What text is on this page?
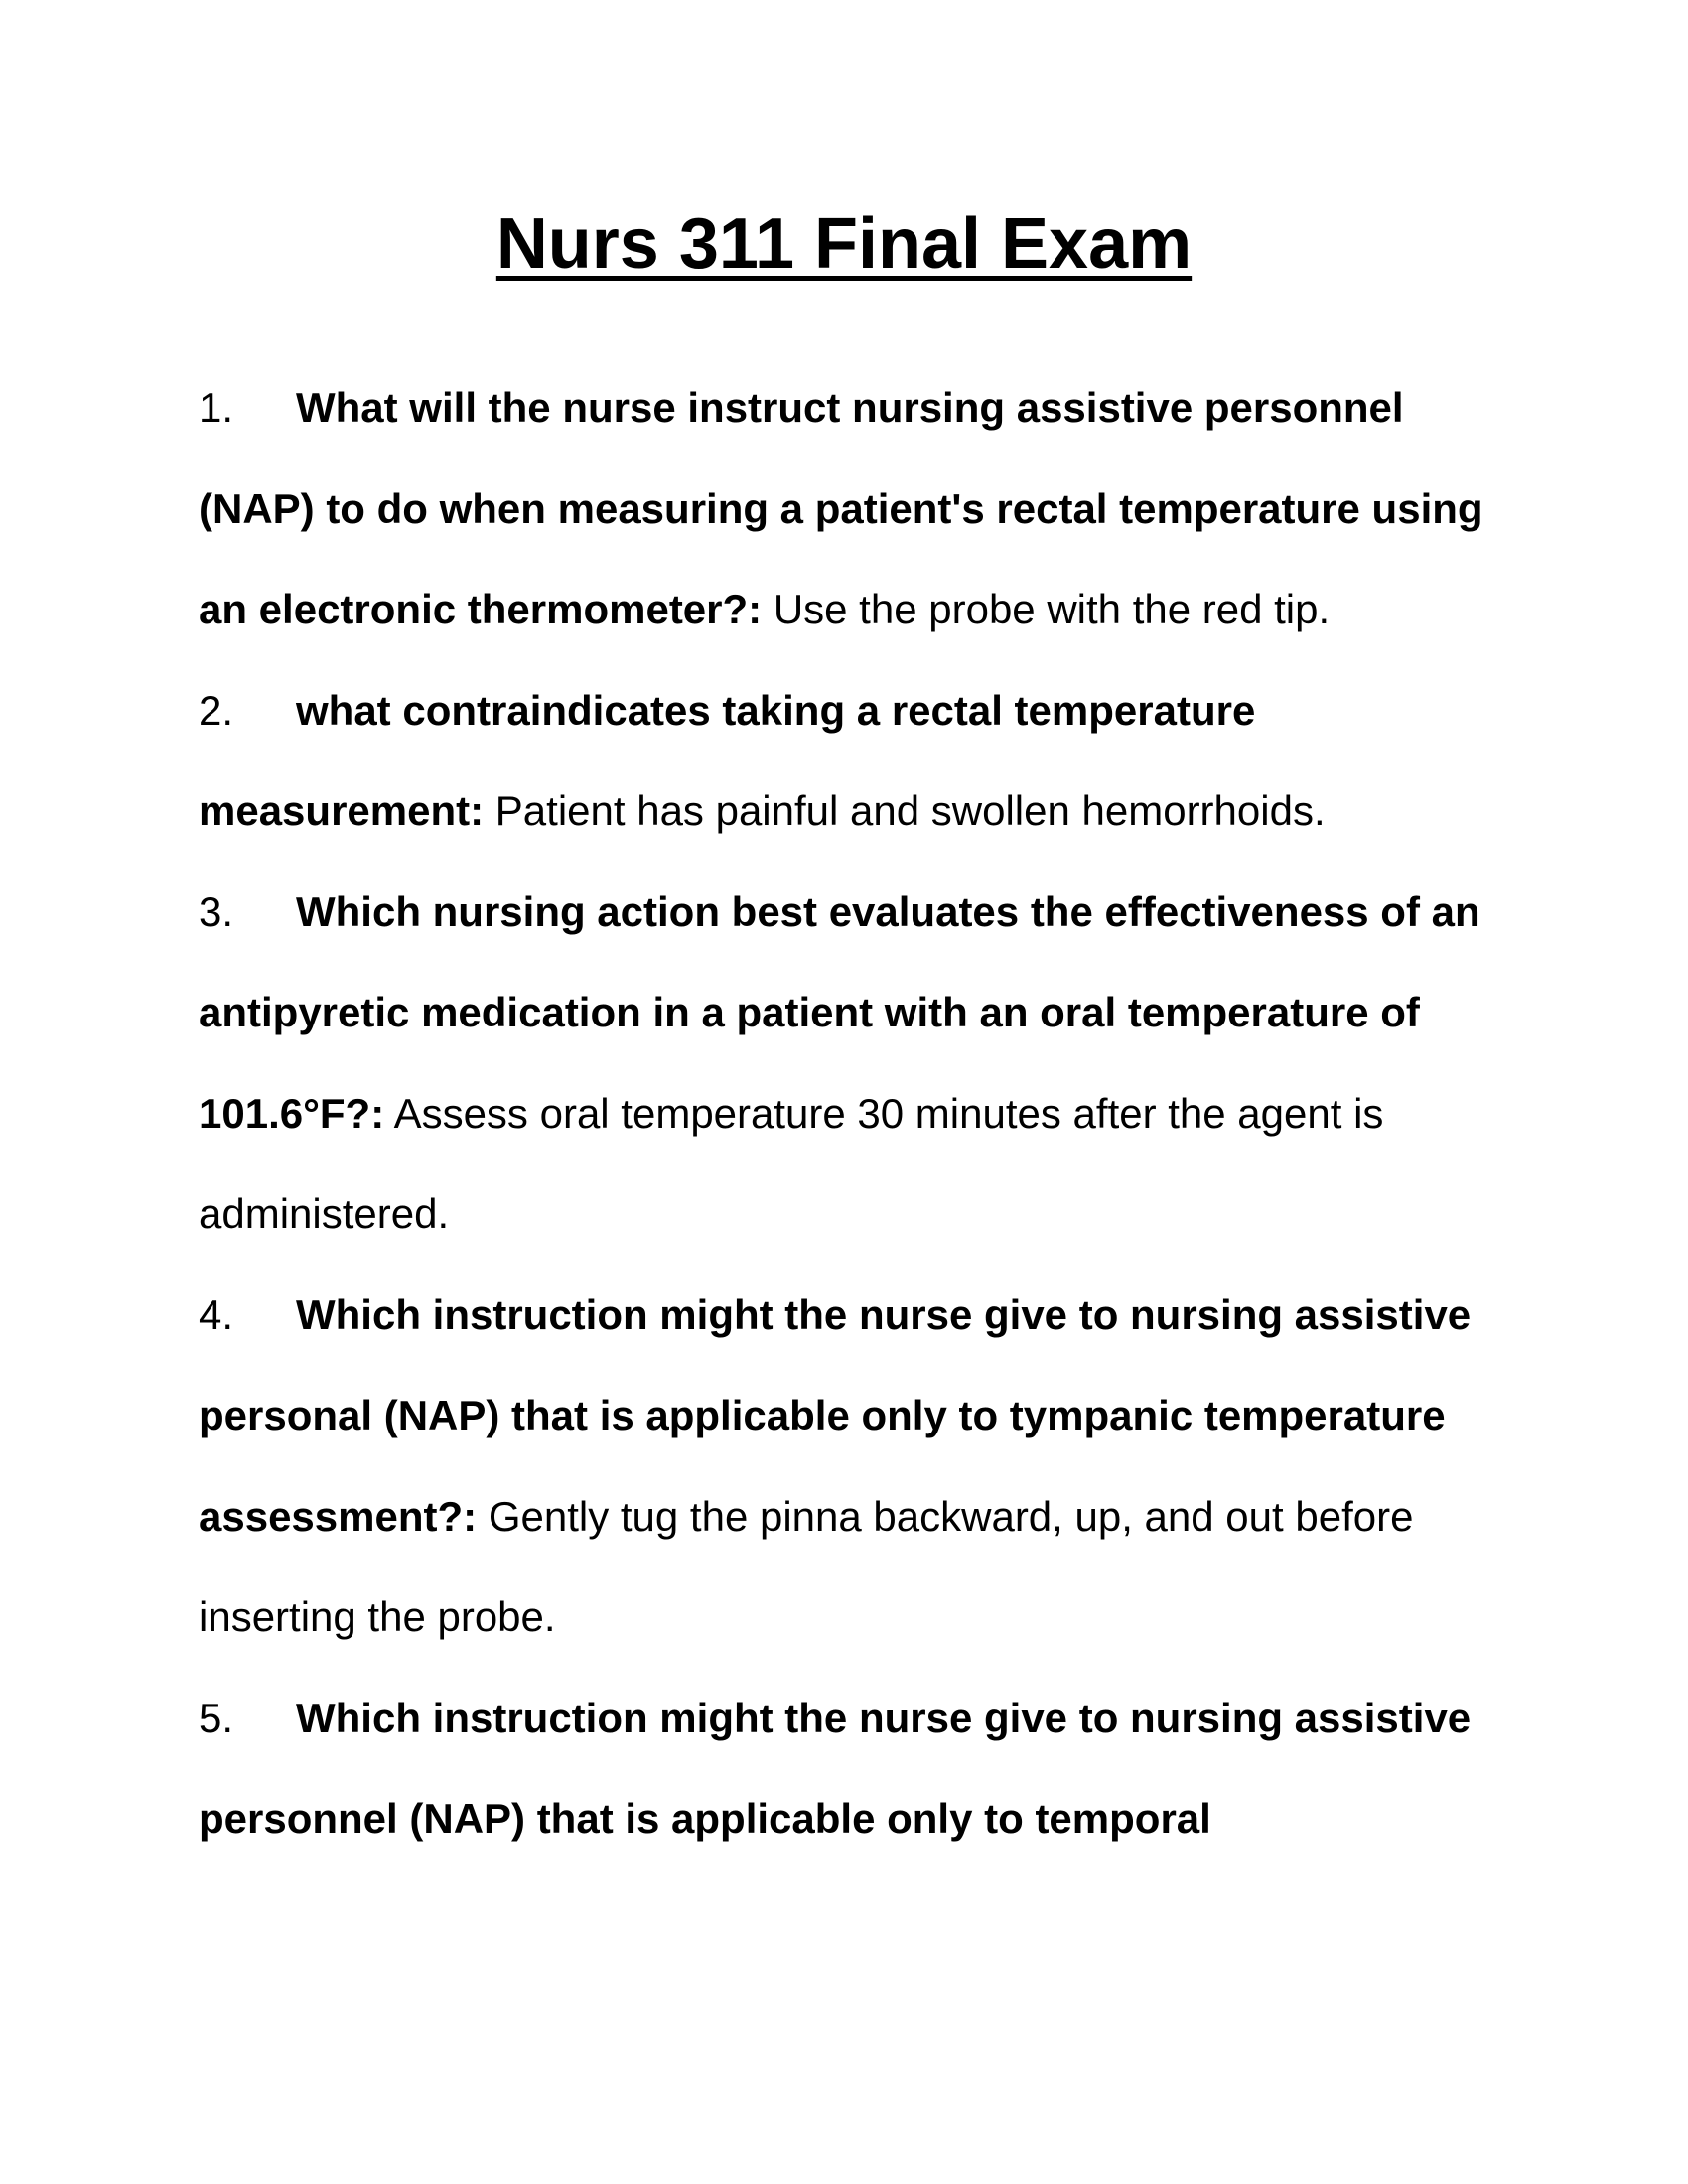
Nurs 311 Final Exam
1. What will the nurse instruct nursing assistive personnel (NAP) to do when measuring a patient's rectal temperature using an electronic thermometer?: Use the probe with the red tip.
2. what contraindicates taking a rectal temperature measurement: Patient has painful and swollen hemorrhoids.
3. Which nursing action best evaluates the effectiveness of an antipyretic medication in a patient with an oral temperature of 101.6°F?: Assess oral temperature 30 minutes after the agent is administered.
4. Which instruction might the nurse give to nursing assistive personal (NAP) that is applicable only to tympanic temperature assessment?: Gently tug the pinna backward, up, and out before inserting the probe.
5. Which instruction might the nurse give to nursing assistive personnel (NAP) that is applicable only to temporal
